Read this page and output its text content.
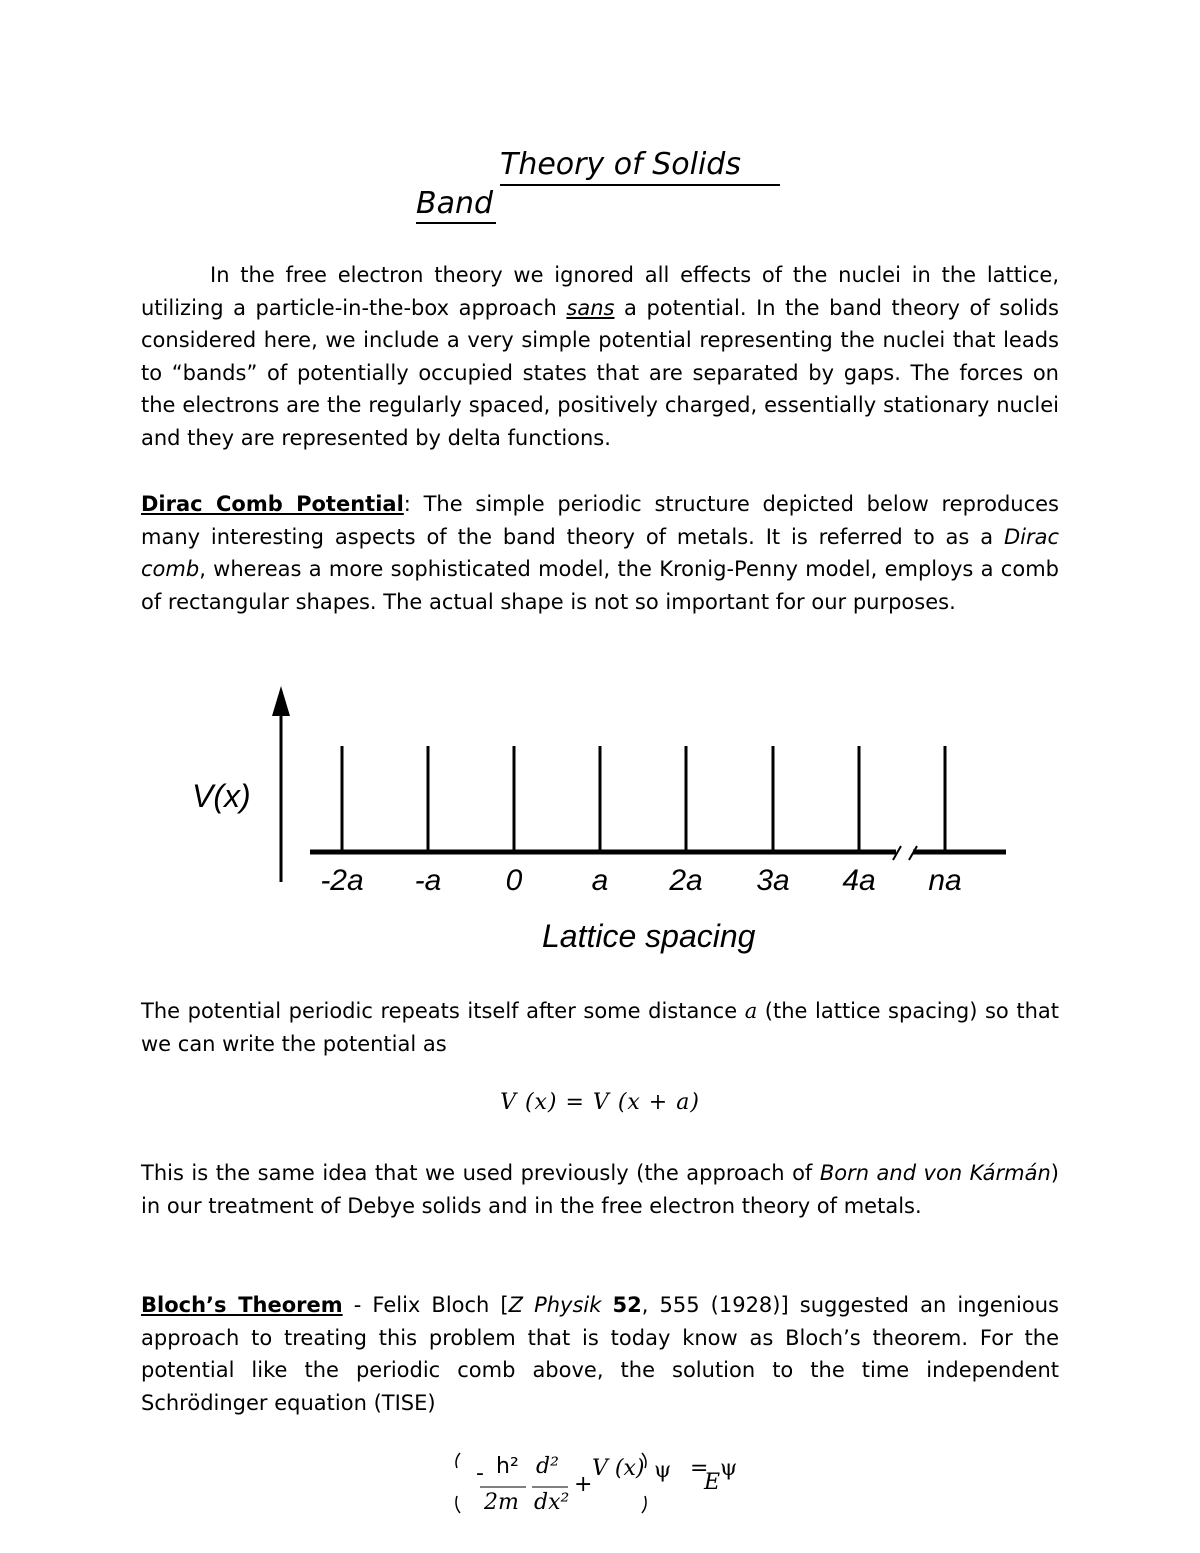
Theory of Solids
Band

In the free electron theory we ignored all effects of the nuclei in the lattice, utilizing a particle-in-the-box approach sans a potential. In the band theory of solids considered here, we include a very simple potential representing the nuclei that leads to “bands” of potentially occupied states that are separated by gaps. The forces on the electrons are the regularly spaced, positively charged, essentially stationary nuclei and they are represented by delta functions.

Dirac Comb Potential: The simple periodic structure depicted below reproduces many interesting aspects of the band theory of metals. It is referred to as a Dirac comb, whereas a more sophisticated model, the Kronig-Penny model, employs a comb of rectangular shapes. The actual shape is not so important for our purposes.

V(x)
-2a	-a	0	a	2a	3a	4a	na
Lattice spacing

The potential periodic repeats itself after some distance a (the lattice spacing) so that we can write the potential as

V (x) = V (x + a)

This is the same idea that we used previously (the approach of Born and von Kármán) in our treatment of Debye solids and in the free electron theory of metals.

Bloch’s Theorem - Felix Bloch [Z Physik 52, 555 (1928)] suggested an ingenious approach to treating this problem that is today know as Bloch’s theorem. For the potential like the periodic comb above, the solution to the time independent Schrödinger equation (TISE)

- h²
2m
d²
dx²
+
V (x) ψ =
E
ψ
